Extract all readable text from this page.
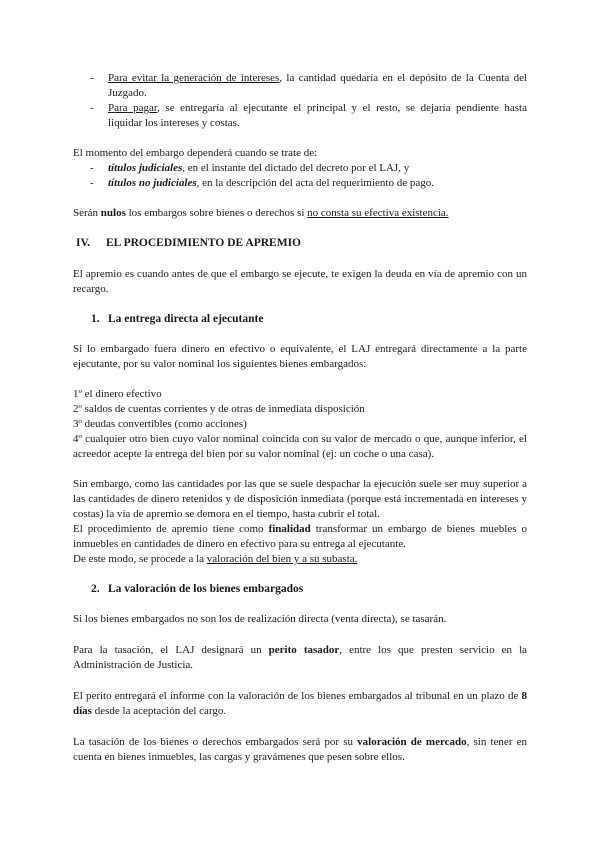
- Para evitar la generación de intereses, la cantidad quedaría en el depósito de la Cuenta del

Juzgado.

- Para pagar, se entregaría al ejecutante el principal y el resto, se dejaría pendiente hasta

liquidar los intereses y costas.

El momento del embargo dependerá cuando se trate de:

- títulos judiciales, en el instante del dictado del decreto por el LAJ, y

- títulos no judiciales, en la descripción del acta del requerimiento de pago.

Serán nulos los embargos sobre bienes o derechos si no consta su efectiva existencia.

IV. EL PROCEDIMIENTO DE APREMIO

El apremio es cuando antes de que el embargo se ejecute, te exigen la deuda en vía de apremio con un

recargo.

1. La entrega directa al ejecutante

Si lo embargado fuera dinero en efectivo o equivalente, el LAJ entregará directamente a la parte

ejecutante, por su valor nominal los siguientes bienes embargados:

1º el dinero efectivo

2º saldos de cuentas corrientes y de otras de inmediata disposición

3º deudas convertibles (como acciones)

4º cualquier otro bien cuyo valor nominal coincida con su valor de mercado o que, aunque inferior, el

acreedor acepte la entrega del bien por su valor nominal (ej: un coche o una casa).

Sin embargo, como las cantidades por las que se suele despachar la ejecución suele ser muy superior a

las cantidades de dinero retenidos y de disposición inmediata (porque está incrementada en intereses y

costas) la vía de apremio se demora en el tiempo, hasta cubrir el total.

El procedimiento de apremio tiene como finalidad transformar un embargo de bienes muebles o

inmuebles en cantidades de dinero en efectivo para su entrega al ejecutante.

De este modo, se procede a la valoración del bien y a su subasta.

2. La valoración de los bienes embargados

Si los bienes embargados no son los de realización directa (venta directa), se tasarán.

Para la tasación, el LAJ designará un perito tasador, entre los que presten servicio en la

Administración de Justicia.

El perito entregará el informe con la valoración de los bienes embargados al tribunal en un plazo de 8

días desde la aceptación del cargo.

La tasación de los bienes o derechos embargados será por su valoración de mercado, sin tener en

cuenta en bienes inmuebles, las cargas y gravámenes que pesen sobre ellos.
